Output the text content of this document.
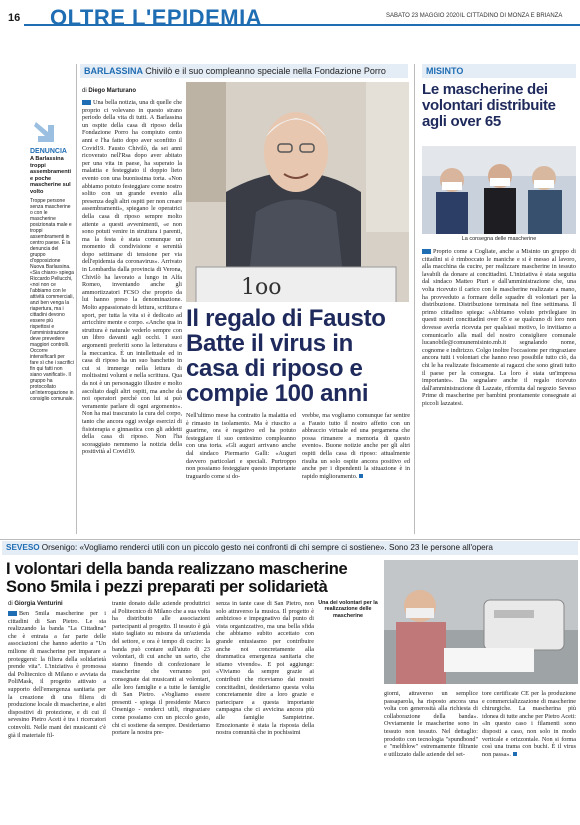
16 OLTRE L'EPIDEMIA	SABATO 23 MAGGIO 2020 IL CITTADINO DI MONZA E BRIANZA
DENUNCIA
A Barlassina troppi assembramenti e poche mascherine sul volto
Troppe persone senza mascherine o con le mascherine posizionata male e troppi assembramenti in centro paese. È la denuncia del gruppo d'opposizione Nuova Barlassina. «Sia chiaro» spiega Riccardo Pellucchi, «noi non ce l'abbiamo con le attività commerciali, anzi ben venga la riapertura, ma i cittadini devono essere più rispettosi e l'amministrazione deve prevedere maggiori controlli. Occorre intensificarli per fare sì che i sacrifici fin qui fatti non siano vanificati». Il gruppo ha protocollato un'interrogazione in consiglio comunale.
BARLASSINA Chivilò e il suo compleanno speciale nella Fondazione Porro
di Diego Marturano
Una bella notizia, una di quelle che proprio ci volevano in questo strano periodo della vita di tutti. A Barlassina un ospite della casa di riposo della Fondazione Porro ha compiuto cento anni e l'ha fatto dopo aver sconfitto il Covid19. Fausto Chivilò, da sei anni ricoverato nell'Rsa dopo aver abitato per una vita in paese, ha superato la malattia e festeggiato il doppio lieto evento con una buonissima torta. «Non abbiamo potuto festeggiare come nostro solito con un grande evento alla presenza degli altri ospiti per non creare assembramenti», spiegano le operatrici della casa di riposo sempre molto attente a questi avvenimenti, «e non sono potuti venire in struttura i parenti, ma la festa è stata comunque un momento di condivisione e serenità dopo settimane di tensione per via dell'epidemia da coronavirus». Arrivato in Lombardia dalla provincia di Verona, Chivilò ha lavorato a lungo in Alfa Romeo, inventando anche gli ammortizzatori FCSO che proprio da lui hanno preso la denominazione. Molto appassionato di lettura, scrittura e sport, per tutta la vita si è dedicato ad arricchire mente e corpo. «Anche qua in struttura è naturale vederlo sempre con un libro davanti agli occhi. I suoi argomenti preferiti sono la letteratura e la meccanica. È un intellettuale ed in casa di riposo ha un suo banchetto in cui si immerge nella lettura di moltissimi volumi e nella scrittura. Qua da noi è un personaggio illustre e molto ascoltato dagli altri ospiti, ma anche da noi operatori perché con lui si può veramente parlare di ogni argomento». Non ha mai trascurato la cura del corpo, tanto che ancora oggi svolge esercizi di fisioterapia e ginnastica con gli addetti della casa di riposo. Non l'ha scoraggiato nemmeno la notizia della positività al Covid19.
1oo
Il regalo di Fausto Batte il virus in casa di riposo e compie 100 anni
Nell'ultimo mese ha contratto la malattia ed è rimasto in isolamento. Ma è riuscito a guarirne, ora è negativo ed ha potuto festeggiare il suo centesimo compleanno con una torta. «Gli auguri arrivano anche dal sindaco Piermario Galli: «Auguri davvero particolari e speciali. Purtroppo non possiamo festeggiare questo importante traguardo come si do-
vrebbe, ma vogliamo comunque far sentire a Fausto tutto il nostro affetto con un abbraccio virtuale ed una pergamena che possa rimanere a memoria di questo evento». Buone notizie anche per gli altri ospiti della casa di riposo: attualmente risulta un solo ospite ancora positivo ed anche per i dipendenti la situazione è in rapido miglioramento.
MISINTO
Le mascherine dei volontari distribuite agli over 65
La consegna delle mascherine
Proprio come a Cogliate, anche a Misinto un gruppo di cittadini si è rimboccato le maniche e si è messo al lavoro, alla macchina da cucire, per realizzare mascherine in tessuto lavabili da donare ai concittadini. L'iniziativa è stata seguita dal sindaco Matteo Piuri e dall'amministrazione che, una volta ricevuto il carico con le mascherine realizzate a mano, ha provveduto a formare delle squadre di volontari per la distribuzione. Distribuzione terminata nel fine settimana. Il primo cittadino spiega: «Abbiamo voluto privilegiare in questi nostri concittadini over 65 e se qualcuno di loro non dovesse averla ricevuta per qualsiasi motivo, lo invitiamo a comunicarlo alla mail del nostro consigliere comunale lucanobile@comunemisinto.mb.it segnalando nome, cognome e indirizzo. Colgo inoltre l'occasione per ringraziare ancora tutti i volontari che hanno reso possibile tutto ciò, da chi le ha realizzate fisicamente ai ragazzi che sono girati tutto il paese per la consegna. La loro è stata un'impresa importante». Da segnalare anche il regalo ricevuto dall'amministrazione di Lazzate, rifornita dal negozio Seveso Prime di mascherine per bambini prontamente consegnate ai piccoli lazzatesi.
SEVESO Orsenigo: «Vogliamo renderci utili con un piccolo gesto nei confronti di chi sempre ci sostiene». Sono 23 le persone all'opera
I volontari della banda realizzano mascherine
Sono 5mila i pezzi preparati per solidarietà
di Giorgia Venturini
Ben 5mila mascherine per i cittadini di San Pietro. Le sta realizzando la banda "La Cittadina" che è entrata a far parte delle associazioni che hanno aderito a "Un milione di mascherine per imparare a proteggersi: la filiera della solidarietà prende vita". L'iniziativa è promossa dal Politecnico di Milano e avviata da PoliMask, il progetto attivato a supporto dell'emergenza sanitaria per la creazione di una filiera di produzione locale di mascherine, e altri dispositivi di protezione, e di cui il sevesino Pietro Aceti è tra i ricercatori coinvolti. Nelle mani dei musicanti c'è già il materiale fil-
trante donato dalle aziende produttrici al Politecnico di Milano che a sua volta ha distribuito alle associazioni partecipanti al progetto. Il tessuto è già stato tagliato su misura da un'azienda del settore, e ora è tempo di cucire: la banda può contare sull'aiuto di 23 volontari, di cui anche un sarto, che stanno finendo di confezionare le mascherine che verranno poi consegnate dai musicanti ai volontari, alle loro famiglie e a tutte le famiglie di San Pietro. «Vogliamo essere presenti - spiega il presidente Marco Orsenigo - renderci utili, ringraziare come possiamo con un piccolo gesto, chi ci sostiene da sempre. Desideriamo portare la nostra pre-
senza in tante case di San Pietro, non solo attraverso la musica. Il progetto è ambizioso e impegnativo dal punto di vista organizzativo, ma una bella sfida che abbiamo subito accettato con grande entusiasmo per contribuire anche noi concretamente alla drammatica emergenza sanitaria che stiamo vivendo». E poi aggiunge: «Viviamo da sempre grazie ai contributi che riceviamo dai nostri concittadini, desideriamo questa volta concretamente dire a loro grazie e partecipare a questa importante campagna che ci avvicina ancora più alle famiglie Sampietrine. Emozionante è stata la risposta della nostra comunità che in pochissimi
Una dei volontari per la realizzazione delle mascherine
giorni, attraverso un semplice passaparola, ha risposto ancora una volta con generosità alla richiesta di collaborazione della banda». Ovviamente le mascherine sono in tessuto non tessuto. Nel dettaglio: prodotto con tecnologia "spundbond" e "meltblow" estremamente filtrante e utilizzato dalle aziende del set-
tore certificate CE per la produzione e commercializzazione di mascherine chirurgiche. La mascherina più idonea di tutte anche per Pietro Aceti: «In questo caso i filamenti sono disposti a caso, non solo in modo verticale e orizzontale. Non si forma così una trama con buchi. È il virus non passa».
